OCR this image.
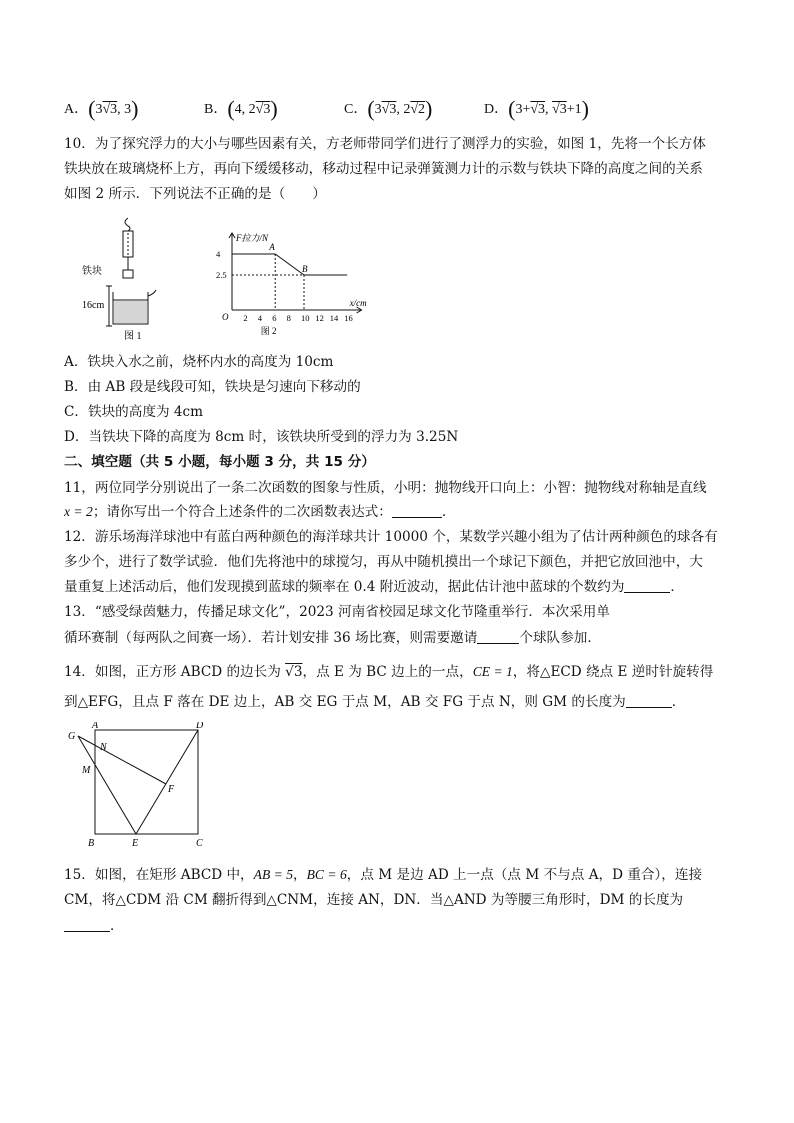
A．(3√3, 3)	B．(4, 2√3)	C．(3√3, 2√2)	D．(3+√3, √3+1)
10．为了探究浮力的大小与哪些因素有关，方老师带同学们进行了测浮力的实验，如图 1，先将一个长方体
铁块放在玻璃烧杯上方，再向下缓缓移动，移动过程中记录弹簧测力计的示数与铁块下降的高度之间的关系
如图 2 所示．下列说法不正确的是（　　）
铁块
16cm
图 1
F拉力/N
x/cm
O 2 4 6 8 10 12 14 16
2.5
4
A
B
图 2
A．铁块入水之前，烧杯内水的高度为 10cm
B．由 AB 段是线段可知，铁块是匀速向下移动的
C．铁块的高度为 4cm
D．当铁块下降的高度为 8cm 时，该铁块所受到的浮力为 3.25N
二、填空题（共 5 小题，每小题 3 分，共 15 分）
11，两位同学分别说出了一条二次函数的图象与性质，小明：抛物线开口向上：小智：抛物线对称轴是直线
x = 2；请你写出一个符合上述条件的二次函数表达式：	．
12．游乐场海洋球池中有蓝白两种颜色的海洋球共计 10000 个，某数学兴趣小组为了估计两种颜色的球各有
多少个，进行了数学试验．他们先将池中的球搅匀，再从中随机摸出一个球记下颜色，并把它放回池中，大
量重复上述活动后，他们发现摸到蓝球的频率在 0.4 附近波动，据此估计池中蓝球的个数约为	．
13．“感受绿茵魅力，传播足球文化”，2023 河南省校园足球文化节隆重举行．本次采用单
循环赛制（每两队之间赛一场）．若计划安排 36 场比赛，则需要邀请	个球队参加．
14．如图，正方形 ABCD 的边长为 √3，点 E 为 BC 边上的一点，CE = 1，将△ECD 绕点 E 逆时针旋转得
到△EFG，且点 F 落在 DE 边上，AB 交 EG 于点 M，AB 交 FG 于点 N，则 GM 的长度为	．
G
A	D
N
M
F
B	E	C
15．如图，在矩形 ABCD 中，AB = 5，BC = 6，点 M 是边 AD 上一点（点 M 不与点 A，D 重合），连接
CM，将△CDM 沿 CM 翻折得到△CNM，连接 AN，DN．当△AND 为等腰三角形时，DM 的长度为
．
